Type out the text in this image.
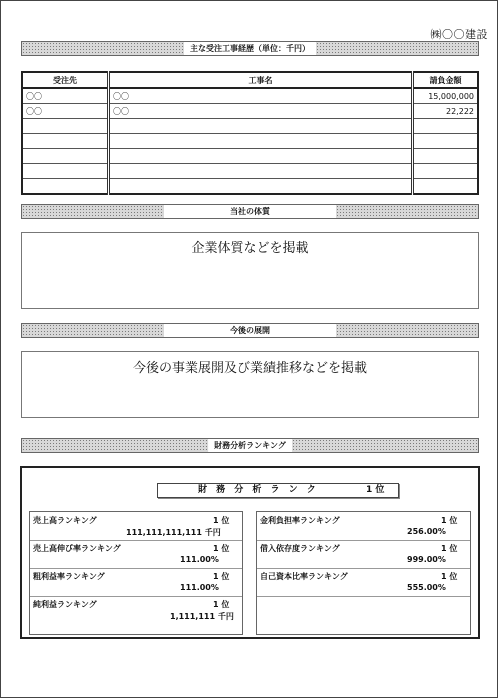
㈱〇〇建設
主な受注工事経歴（単位：千円）
受注先	工事名	請負金額
〇〇	〇〇	15,000,000
〇〇	〇〇	22,222

当社の体質
企業体質などを掲載
今後の展開
今後の事業展開及び業績推移などを掲載
財務分析ランキング
財 務 分 析 ラ ン ク	1 位
売上高ランキング	1 位
111,111,111,111 千円
売上高伸び率ランキング	1 位
111.00%
粗利益率ランキング	1 位
111.00%
純利益ランキング	1 位
1,111,111 千円
金利負担率ランキング	1 位
256.00%
借入依存度ランキング	1 位
999.00%
自己資本比率ランキング	1 位
555.00%
